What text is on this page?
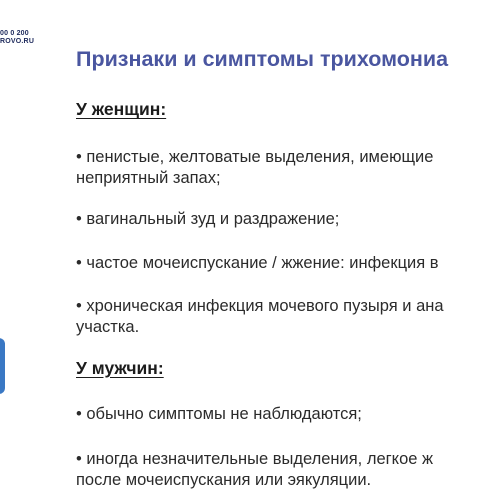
00 0 200
ROVO.RU
Признаки и симптомы трихомониа
У женщин:

• пенистые, желтоватые выделения, имеющие
неприятный запах;

• вагинальный зуд и раздражение;

• частое мочеиспускание / жжение: инфекция в

• хроническая инфекция мочевого пузыря и ана
участка.

У мужчин:

• обычно симптомы не наблюдаются;

• иногда незначительные выделения, легкое ж
после мочеиспускания или эякуляции.
